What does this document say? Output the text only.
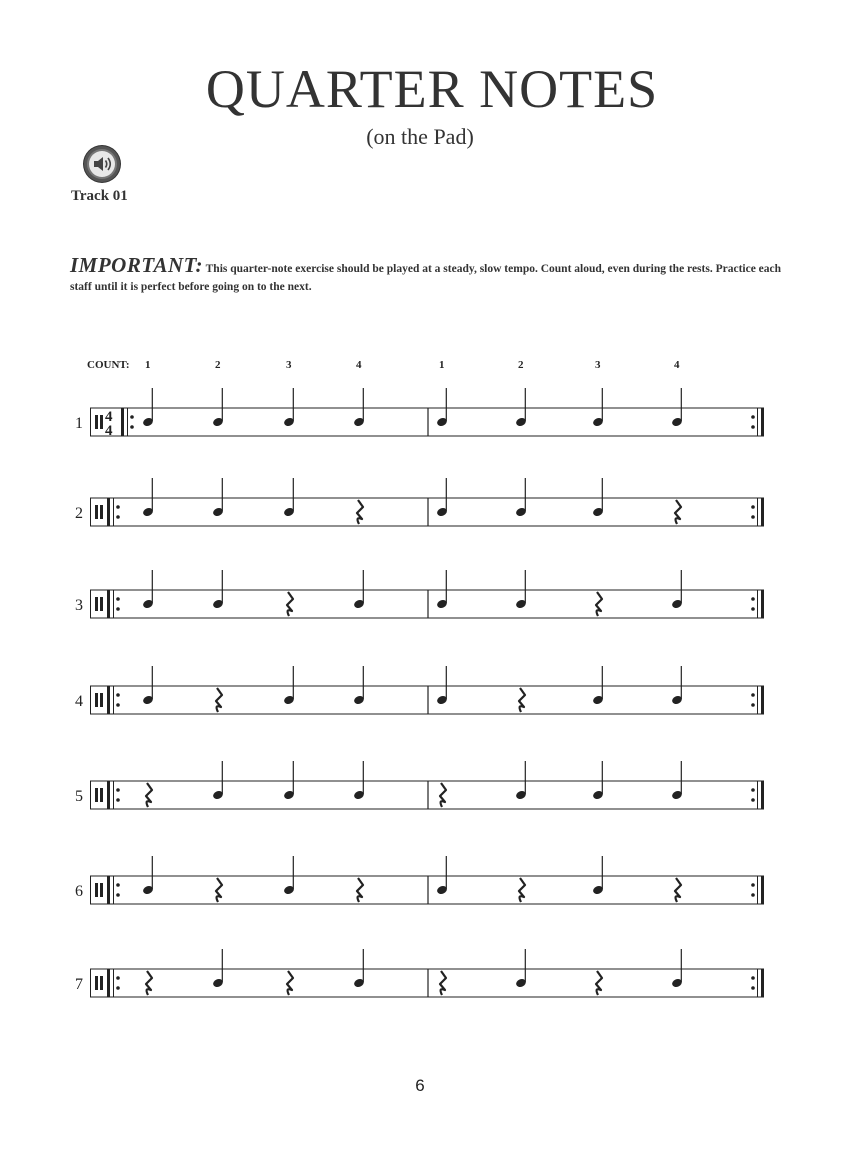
QUARTER NOTES
(on the Pad)
Track 01
IMPORTANT: This quarter-note exercise should be played at a steady, slow tempo. Count aloud, even during the rests. Practice each staff until it is perfect before going on to the next.
COUNT: 1	2	3	4	1	2	3	4
1 4
4
2
3
4
5
6
7
6
